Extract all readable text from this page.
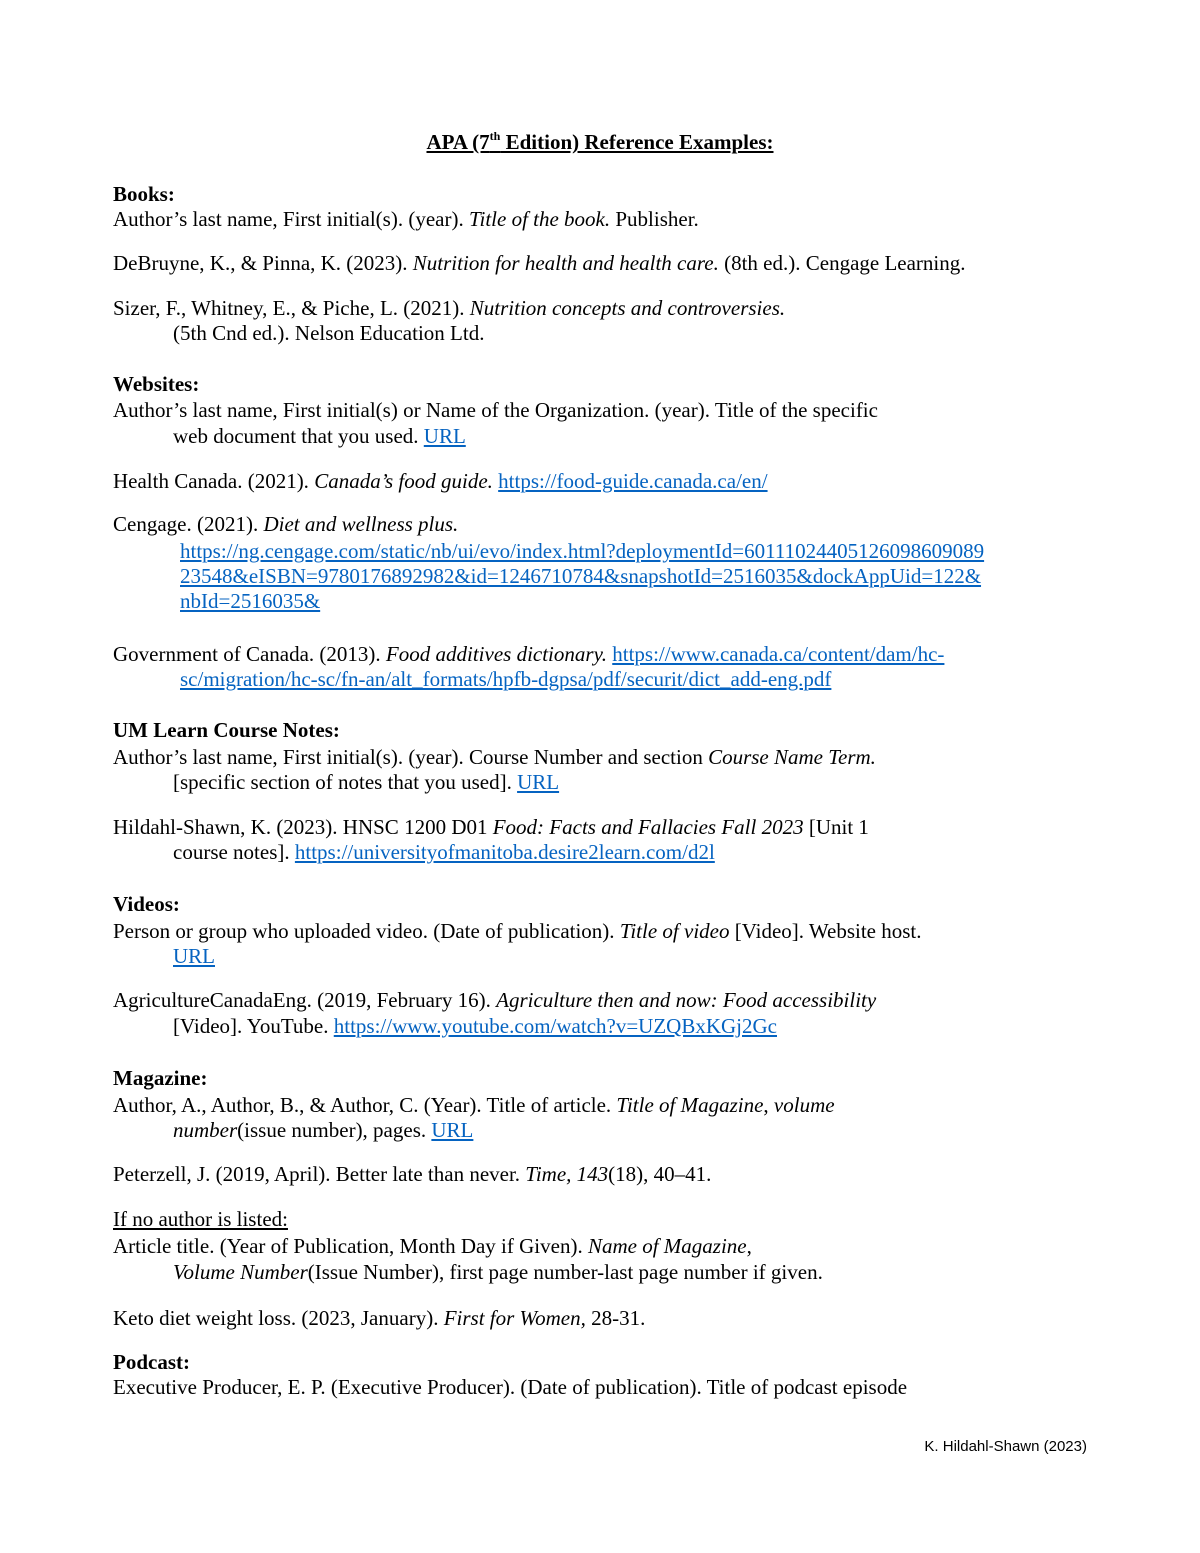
APA (7th Edition) Reference Examples:
Books:
Author’s last name, First initial(s). (year). Title of the book. Publisher.
DeBruyne, K., & Pinna, K. (2023). Nutrition for health and health care. (8th ed.). Cengage Learning.
Sizer, F., Whitney, E., & Piche, L. (2021). Nutrition concepts and controversies.
(5th Cnd ed.). Nelson Education Ltd.
Websites:
Author’s last name, First initial(s) or Name of the Organization. (year). Title of the specific
web document that you used. URL
Health Canada. (2021). Canada’s food guide. https://food-guide.canada.ca/en/
Cengage. (2021). Diet and wellness plus.
https://ng.cengage.com/static/nb/ui/evo/index.html?deploymentId=601110244051260986090​89
23548&eISBN=9780176892982&id=1246710784&snapshotId=2516035&dockAppUid=122&
nbId=2516035&
Government of Canada. (2013). Food additives dictionary. https://www.canada.ca/content/dam/hc-
sc/migration/hc-sc/fn-an/alt_formats/hpfb-dgpsa/pdf/securit/dict_add-eng.pdf
UM Learn Course Notes:
Author’s last name, First initial(s). (year). Course Number and section Course Name Term.
[specific section of notes that you used]. URL
Hildahl-Shawn, K. (2023). HNSC 1200 D01 Food: Facts and Fallacies Fall 2023 [Unit 1
course notes]. https://universityofmanitoba.desire2learn.com/d2l
Videos:
Person or group who uploaded video. (Date of publication). Title of video [Video]. Website host.
URL
AgricultureCanadaEng. (2019, February 16). Agriculture then and now: Food accessibility
[Video]. YouTube. https://www.youtube.com/watch?v=UZQBxKGj2Gc
Magazine:
Author, A., Author, B., & Author, C. (Year). Title of article. Title of Magazine, volume
number(issue number), pages. URL
Peterzell, J. (2019, April). Better late than never. Time, 143(18), 40–41.
If no author is listed:
Article title. (Year of Publication, Month Day if Given). Name of Magazine,
Volume Number(Issue Number), first page number-last page number if given.
Keto diet weight loss. (2023, January). First for Women, 28-31.
Podcast:
Executive Producer, E. P. (Executive Producer). (Date of publication). Title of podcast episode
K. Hildahl-Shawn (2023)
